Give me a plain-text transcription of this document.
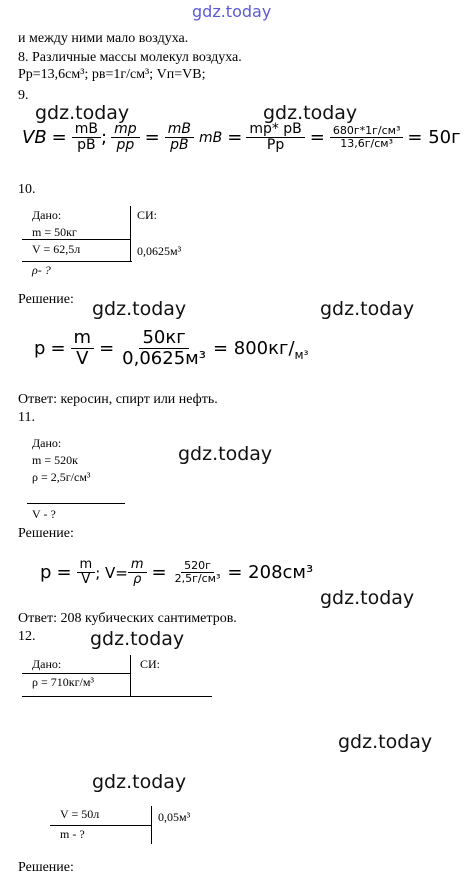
gdz.today
и между ними мало воздуха.
8. Различные массы молекул воздуха.
Pр=13,6см³; pв=1г/см³; Vп=VB;
9.
gdz.today	gdz.today
VB = $\frac{mB}{pB}$ ; $\frac{mp}{pp} = \frac{mB}{pB}$ mB = $\frac{mp* pB}{Pp} = \frac{\text{680г*1г/см³}}{\text{13,6г/см³}} = 50г$
10.
Дано:	СИ:
m = 50кг
V = 62,5л	0,0625м³
ρ- ?
Решение: gdz.today	gdz.today
$p = \frac{m}{V} = \frac{50кг}{\text{0,0625м³}} = 800кг/$ м³
Ответ: керосин, спирт или нефть.
11.
Дано:
m = 520к
ρ = 2,5г/см³
V - ?
gdz.today
Решение:
$p = \frac{m}{V}$ ; $V= \frac{m}{\rho} = \frac{520г}{\text{2,5г/см³}} = 208см^3$
gdz.today
Ответ: 208 кубических сантиметров.
12.	gdz.today
Дано:	СИ:
ρ = 710кг/м³
gdz.today
gdz.today
V = 50л	0,05м³
m - ?
Решение:
